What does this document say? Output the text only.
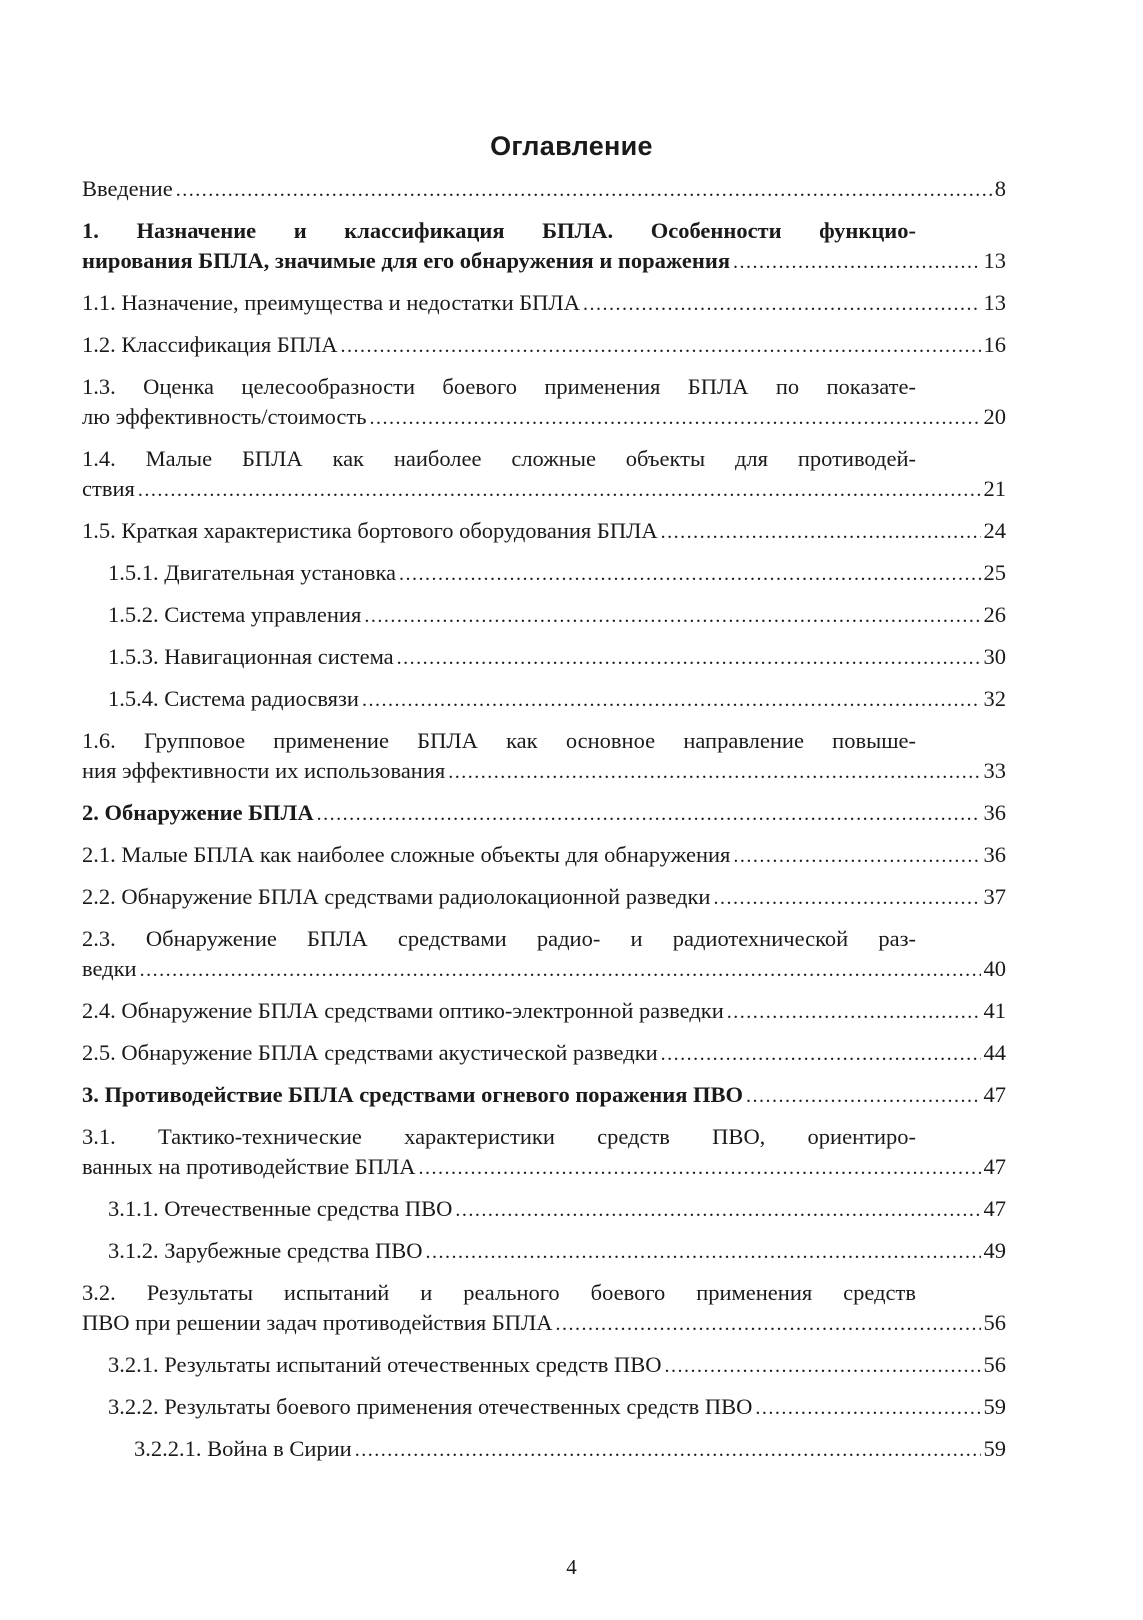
Оглавление
Введение .....	8
1. Назначение и классификация БПЛА. Особенности функцио-
нирования БПЛА, значимые для его обнаружения и поражения .....	13
1.1. Назначение, преимущества и недостатки БПЛА .....	13
1.2. Классификация БПЛА .....	16
1.3. Оценка целесообразности боевого применения БПЛА по показате-
лю эффективность/стоимость .....	20
1.4. Малые БПЛА как наиболее сложные объекты для противодей-
ствия .....	21
1.5. Краткая характеристика бортового оборудования БПЛА .....	24
1.5.1. Двигательная установка .....	25
1.5.2. Система управления .....	26
1.5.3. Навигационная система .....	30
1.5.4. Система радиосвязи .....	32
1.6. Групповое применение БПЛА как основное направление повыше-
ния эффективности их использования .....	33
2. Обнаружение БПЛА .....	36
2.1. Малые БПЛА как наиболее сложные объекты для обнаружения .....	36
2.2. Обнаружение БПЛА средствами радиолокационной разведки .....	37
2.3. Обнаружение БПЛА средствами радио- и радиотехнической раз-
ведки .....	40
2.4. Обнаружение БПЛА средствами оптико-электронной разведки .....	41
2.5. Обнаружение БПЛА средствами акустической разведки .....	44
3. Противодействие БПЛА средствами огневого поражения ПВО .....	47
3.1. Тактико-технические характеристики средств ПВО, ориентиро-
ванных на противодействие БПЛА .....	47
3.1.1. Отечественные средства ПВО .....	47
3.1.2. Зарубежные средства ПВО .....	49
3.2. Результаты испытаний и реального боевого применения средств
ПВО при решении задач противодействия БПЛА .....	56
3.2.1. Результаты испытаний отечественных средств ПВО .....	56
3.2.2. Результаты боевого применения отечественных средств ПВО .....	59
3.2.2.1. Война в Сирии .....	59
4
